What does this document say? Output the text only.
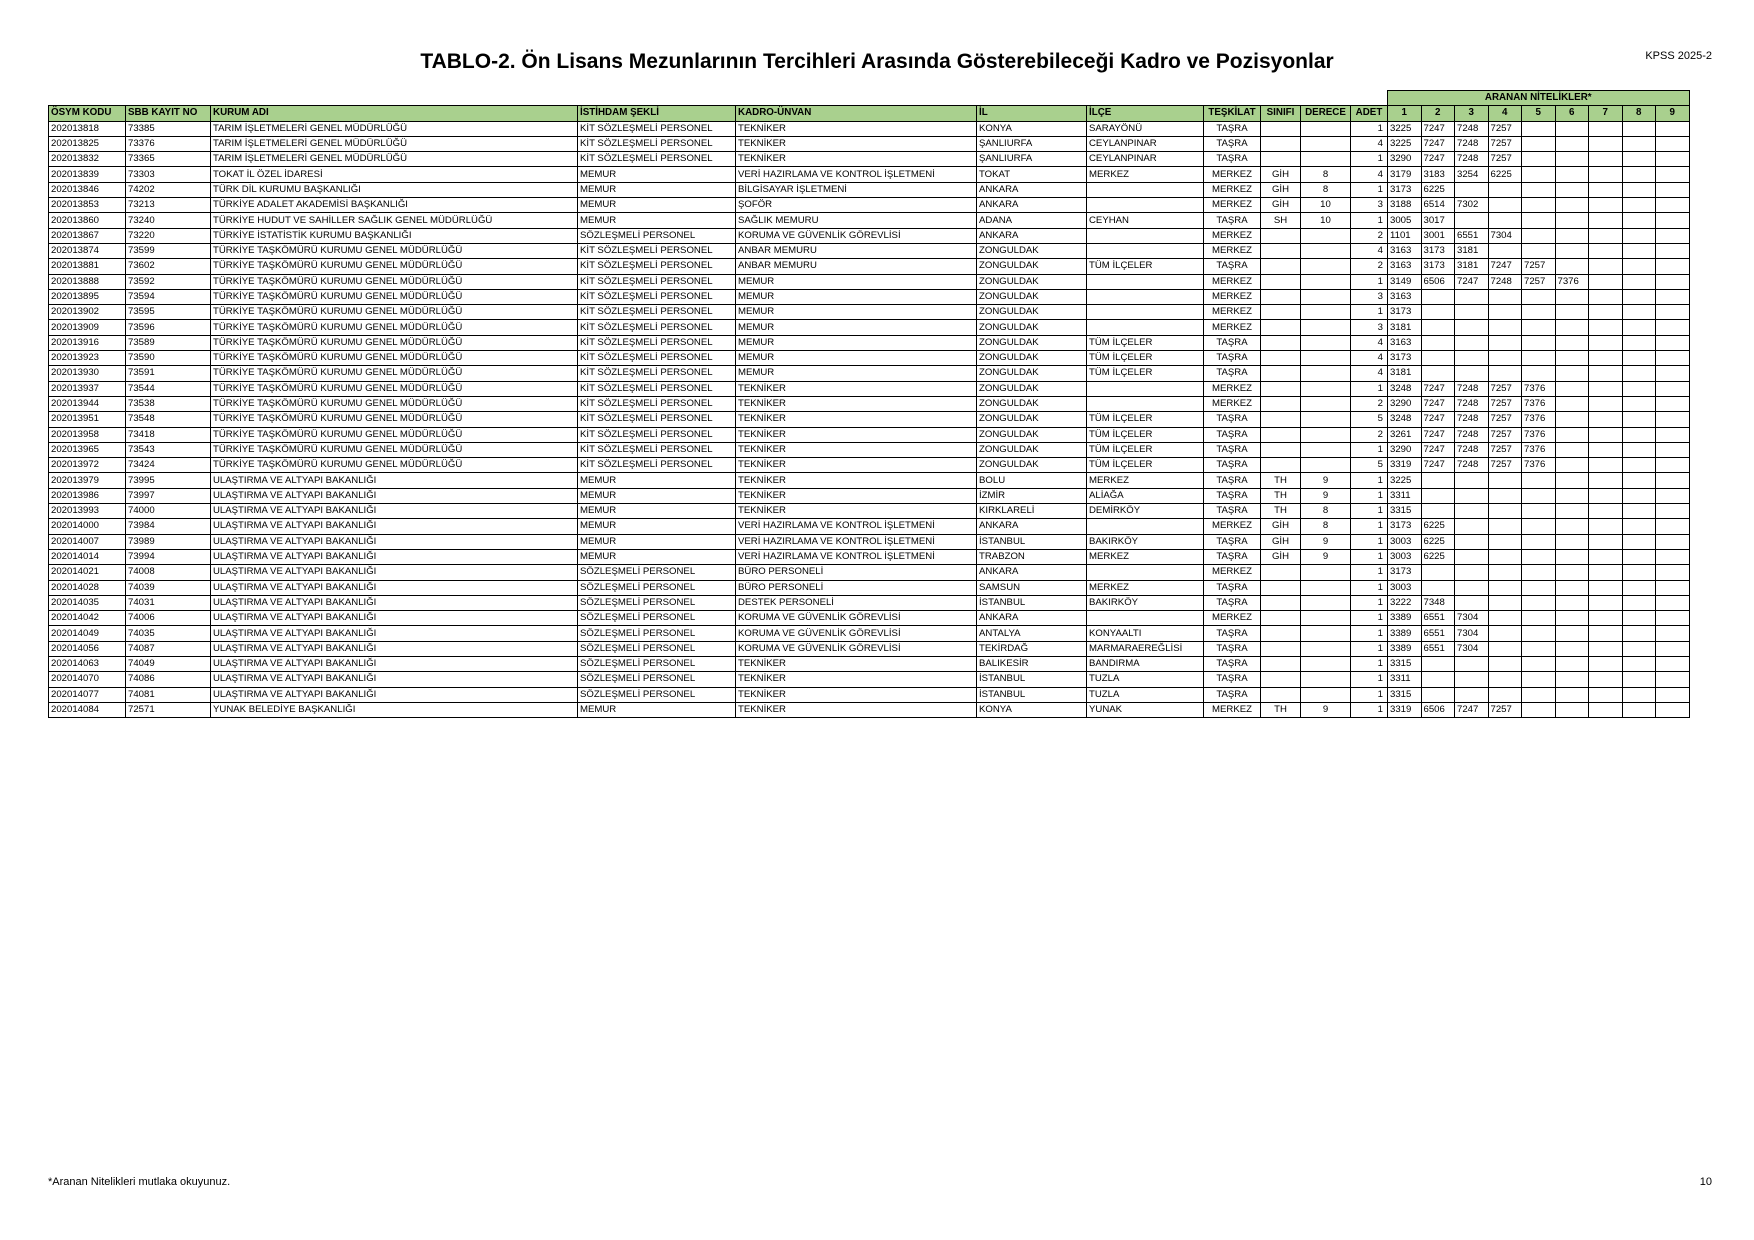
TABLO-2. Ön Lisans Mezunlarının Tercihleri Arasında Gösterebileceği Kadro ve Pozisyonlar	KPSS 2025-2
											ARANAN NİTELİKLER*								
ÖSYM KODU	SBB KAYIT NO	KURUM ADI	İSTİHDAM ŞEKLİ	KADRO-ÜNVAN	İL	İLÇE	TEŞKİLAT	SINIFI	DERECE	ADET	1	2	3	4	5	6	7	8	9
202013818	73385	TARIM İŞLETMELERİ GENEL MÜDÜRLÜĞÜ	KİT SÖZLEŞMELİ PERSONEL	TEKNİKER	KONYA	SARAYÖNÜ	TAŞRA			1	3225	7247	7248	7257					
202013825	73376	TARIM İŞLETMELERİ GENEL MÜDÜRLÜĞÜ	KİT SÖZLEŞMELİ PERSONEL	TEKNİKER	ŞANLIURFA	CEYLANPINAR	TAŞRA			4	3225	7247	7248	7257					
202013832	73365	TARIM İŞLETMELERİ GENEL MÜDÜRLÜĞÜ	KİT SÖZLEŞMELİ PERSONEL	TEKNİKER	ŞANLIURFA	CEYLANPINAR	TAŞRA			1	3290	7247	7248	7257					
202013839	73303	TOKAT İL ÖZEL İDARESİ	MEMUR	VERİ HAZIRLAMA VE KONTROL İŞLETMENİ	TOKAT	MERKEZ	MERKEZ	GİH	8	4	3179	3183	3254	6225					
202013846	74202	TÜRK DİL KURUMU BAŞKANLIĞI	MEMUR	BİLGİSAYAR İŞLETMENİ	ANKARA		MERKEZ	GİH	8	1	3173	6225							
202013853	73213	TÜRKİYE ADALET AKADEMİSİ BAŞKANLIĞI	MEMUR	ŞOFÖR	ANKARA		MERKEZ	GİH	10	3	3188	6514	7302						
202013860	73240	TÜRKİYE HUDUT VE SAHİLLER SAĞLIK GENEL MÜDÜRLÜĞÜ	MEMUR	SAĞLIK MEMURU	ADANA	CEYHAN	TAŞRA	SH	10	1	3005	3017							
202013867	73220	TÜRKİYE İSTATİSTİK KURUMU BAŞKANLIĞI	SÖZLEŞMELİ PERSONEL	KORUMA VE GÜVENLİK GÖREVLİSİ	ANKARA		MERKEZ			2	1101	3001	6551	7304					
202013874	73599	TÜRKİYE TAŞKÖMÜRÜ KURUMU GENEL MÜDÜRLÜĞÜ	KİT SÖZLEŞMELİ PERSONEL	ANBAR MEMURU	ZONGULDAK		MERKEZ			4	3163	3173	3181						
202013881	73602	TÜRKİYE TAŞKÖMÜRÜ KURUMU GENEL MÜDÜRLÜĞÜ	KİT SÖZLEŞMELİ PERSONEL	ANBAR MEMURU	ZONGULDAK	TÜM İLÇELER	TAŞRA			2	3163	3173	3181	7247	7257				
202013888	73592	TÜRKİYE TAŞKÖMÜRÜ KURUMU GENEL MÜDÜRLÜĞÜ	KİT SÖZLEŞMELİ PERSONEL	MEMUR	ZONGULDAK		MERKEZ			1	3149	6506	7247	7248	7257	7376			
202013895	73594	TÜRKİYE TAŞKÖMÜRÜ KURUMU GENEL MÜDÜRLÜĞÜ	KİT SÖZLEŞMELİ PERSONEL	MEMUR	ZONGULDAK		MERKEZ			3	3163								
202013902	73595	TÜRKİYE TAŞKÖMÜRÜ KURUMU GENEL MÜDÜRLÜĞÜ	KİT SÖZLEŞMELİ PERSONEL	MEMUR	ZONGULDAK		MERKEZ			1	3173								
202013909	73596	TÜRKİYE TAŞKÖMÜRÜ KURUMU GENEL MÜDÜRLÜĞÜ	KİT SÖZLEŞMELİ PERSONEL	MEMUR	ZONGULDAK		MERKEZ			3	3181								
202013916	73589	TÜRKİYE TAŞKÖMÜRÜ KURUMU GENEL MÜDÜRLÜĞÜ	KİT SÖZLEŞMELİ PERSONEL	MEMUR	ZONGULDAK	TÜM İLÇELER	TAŞRA			4	3163								
202013923	73590	TÜRKİYE TAŞKÖMÜRÜ KURUMU GENEL MÜDÜRLÜĞÜ	KİT SÖZLEŞMELİ PERSONEL	MEMUR	ZONGULDAK	TÜM İLÇELER	TAŞRA			4	3173								
202013930	73591	TÜRKİYE TAŞKÖMÜRÜ KURUMU GENEL MÜDÜRLÜĞÜ	KİT SÖZLEŞMELİ PERSONEL	MEMUR	ZONGULDAK	TÜM İLÇELER	TAŞRA			4	3181								
202013937	73544	TÜRKİYE TAŞKÖMÜRÜ KURUMU GENEL MÜDÜRLÜĞÜ	KİT SÖZLEŞMELİ PERSONEL	TEKNİKER	ZONGULDAK		MERKEZ			1	3248	7247	7248	7257	7376				
202013944	73538	TÜRKİYE TAŞKÖMÜRÜ KURUMU GENEL MÜDÜRLÜĞÜ	KİT SÖZLEŞMELİ PERSONEL	TEKNİKER	ZONGULDAK		MERKEZ			2	3290	7247	7248	7257	7376				
202013951	73548	TÜRKİYE TAŞKÖMÜRÜ KURUMU GENEL MÜDÜRLÜĞÜ	KİT SÖZLEŞMELİ PERSONEL	TEKNİKER	ZONGULDAK	TÜM İLÇELER	TAŞRA			5	3248	7247	7248	7257	7376				
202013958	73418	TÜRKİYE TAŞKÖMÜRÜ KURUMU GENEL MÜDÜRLÜĞÜ	KİT SÖZLEŞMELİ PERSONEL	TEKNİKER	ZONGULDAK	TÜM İLÇELER	TAŞRA			2	3261	7247	7248	7257	7376				
202013965	73543	TÜRKİYE TAŞKÖMÜRÜ KURUMU GENEL MÜDÜRLÜĞÜ	KİT SÖZLEŞMELİ PERSONEL	TEKNİKER	ZONGULDAK	TÜM İLÇELER	TAŞRA			1	3290	7247	7248	7257	7376				
202013972	73424	TÜRKİYE TAŞKÖMÜRÜ KURUMU GENEL MÜDÜRLÜĞÜ	KİT SÖZLEŞMELİ PERSONEL	TEKNİKER	ZONGULDAK	TÜM İLÇELER	TAŞRA			5	3319	7247	7248	7257	7376				
202013979	73995	ULAŞTIRMA VE ALTYAPI BAKANLIĞI	MEMUR	TEKNİKER	BOLU	MERKEZ	TAŞRA	TH	9	1	3225								
202013986	73997	ULAŞTIRMA VE ALTYAPI BAKANLIĞI	MEMUR	TEKNİKER	İZMİR	ALİAĞA	TAŞRA	TH	9	1	3311								
202013993	74000	ULAŞTIRMA VE ALTYAPI BAKANLIĞI	MEMUR	TEKNİKER	KIRKLARELİ	DEMİRKÖY	TAŞRA	TH	8	1	3315								
202014000	73984	ULAŞTIRMA VE ALTYAPI BAKANLIĞI	MEMUR	VERİ HAZIRLAMA VE KONTROL İŞLETMENİ	ANKARA		MERKEZ	GİH	8	1	3173	6225							
202014007	73989	ULAŞTIRMA VE ALTYAPI BAKANLIĞI	MEMUR	VERİ HAZIRLAMA VE KONTROL İŞLETMENİ	İSTANBUL	BAKIRKÖY	TAŞRA	GİH	9	1	3003	6225							
202014014	73994	ULAŞTIRMA VE ALTYAPI BAKANLIĞI	MEMUR	VERİ HAZIRLAMA VE KONTROL İŞLETMENİ	TRABZON	MERKEZ	TAŞRA	GİH	9	1	3003	6225							
202014021	74008	ULAŞTIRMA VE ALTYAPI BAKANLIĞI	SÖZLEŞMELİ PERSONEL	BÜRO PERSONELİ	ANKARA		MERKEZ			1	3173								
202014028	74039	ULAŞTIRMA VE ALTYAPI BAKANLIĞI	SÖZLEŞMELİ PERSONEL	BÜRO PERSONELİ	SAMSUN	MERKEZ	TAŞRA			1	3003								
202014035	74031	ULAŞTIRMA VE ALTYAPI BAKANLIĞI	SÖZLEŞMELİ PERSONEL	DESTEK PERSONELİ	İSTANBUL	BAKIRKÖY	TAŞRA			1	3222	7348							
202014042	74006	ULAŞTIRMA VE ALTYAPI BAKANLIĞI	SÖZLEŞMELİ PERSONEL	KORUMA VE GÜVENLİK GÖREVLİSİ	ANKARA		MERKEZ			1	3389	6551	7304						
202014049	74035	ULAŞTIRMA VE ALTYAPI BAKANLIĞI	SÖZLEŞMELİ PERSONEL	KORUMA VE GÜVENLİK GÖREVLİSİ	ANTALYA	KONYAALTI	TAŞRA			1	3389	6551	7304						
202014056	74087	ULAŞTIRMA VE ALTYAPI BAKANLIĞI	SÖZLEŞMELİ PERSONEL	KORUMA VE GÜVENLİK GÖREVLİSİ	TEKİRDAĞ	MARMARAEREĞLİSİ	TAŞRA			1	3389	6551	7304						
202014063	74049	ULAŞTIRMA VE ALTYAPI BAKANLIĞI	SÖZLEŞMELİ PERSONEL	TEKNİKER	BALIKESİR	BANDIRMA	TAŞRA			1	3315								
202014070	74086	ULAŞTIRMA VE ALTYAPI BAKANLIĞI	SÖZLEŞMELİ PERSONEL	TEKNİKER	İSTANBUL	TUZLA	TAŞRA			1	3311								
202014077	74081	ULAŞTIRMA VE ALTYAPI BAKANLIĞI	SÖZLEŞMELİ PERSONEL	TEKNİKER	İSTANBUL	TUZLA	TAŞRA			1	3315								
202014084	72571	YUNAK BELEDİYE BAŞKANLIĞI	MEMUR	TEKNİKER	KONYA	YUNAK	MERKEZ	TH	9	1	3319	6506	7247	7257					
*Aranan Nitelikleri mutlaka okuyunuz.	10
